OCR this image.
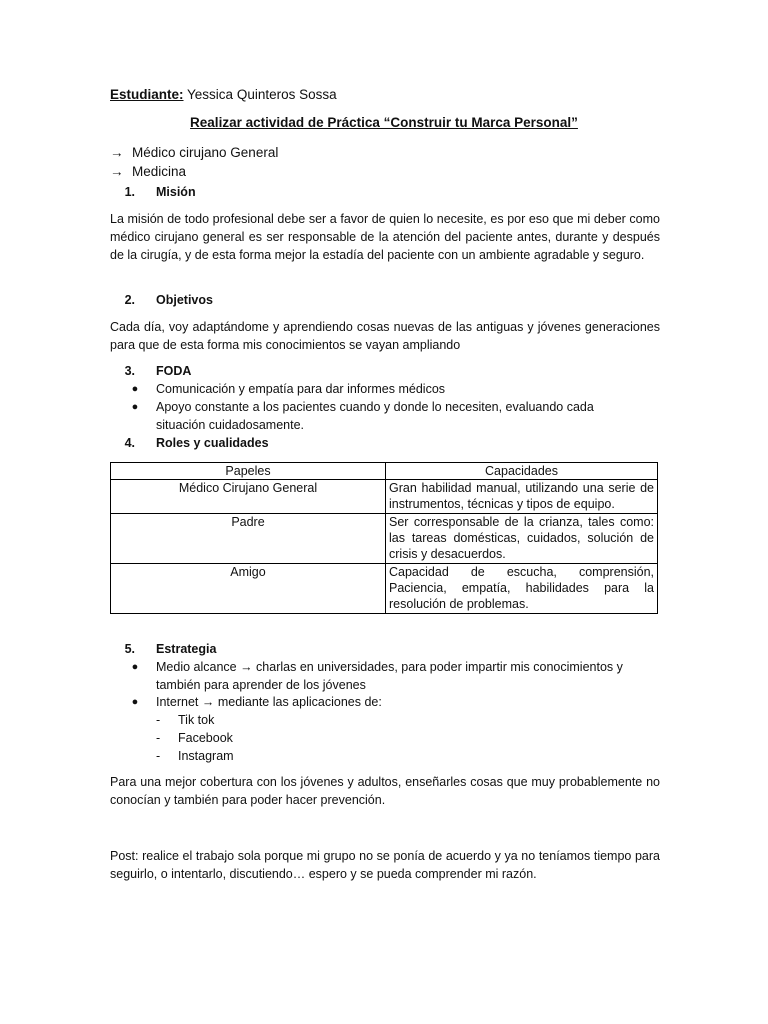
Estudiante: Yessica Quinteros Sossa
Realizar actividad de Práctica “Construir tu Marca Personal”
→ Médico cirujano General
→ Medicina
1. Misión
La misión de todo profesional debe ser a favor de quien lo necesite, es por eso que mi deber como médico cirujano general es ser responsable de la atención del paciente antes, durante y después de la cirugía, y de esta forma mejor la estadía del paciente con un ambiente agradable y seguro.
2. Objetivos
Cada día, voy adaptándome y aprendiendo cosas nuevas de las antiguas y jóvenes generaciones para que de esta forma mis conocimientos se vayan ampliando
3. FODA
● Comunicación y empatía para dar informes médicos
● Apoyo constante a los pacientes cuando y donde lo necesiten, evaluando cada situación cuidadosamente.
4. Roles y cualidades
Papeles	Capacidades
Médico Cirujano General	Gran habilidad manual, utilizando una serie de instrumentos, técnicas y tipos de equipo.
Padre	Ser corresponsable de la crianza, tales como: las tareas domésticas, cuidados, solución de crisis y desacuerdos.
Amigo	Capacidad de escucha, comprensión, Paciencia, empatía, habilidades para la resolución de problemas.
5. Estrategia
● Medio alcance → charlas en universidades, para poder impartir mis conocimientos y también para aprender de los jóvenes
● Internet → mediante las aplicaciones de:
- Tik tok
- Facebook
- Instagram
Para una mejor cobertura con los jóvenes y adultos, enseñarles cosas que muy probablemente no conocían y también para poder hacer prevención.
Post: realice el trabajo sola porque mi grupo no se ponía de acuerdo y ya no teníamos tiempo para seguirlo, o intentarlo, discutiendo… espero y se pueda comprender mi razón.
